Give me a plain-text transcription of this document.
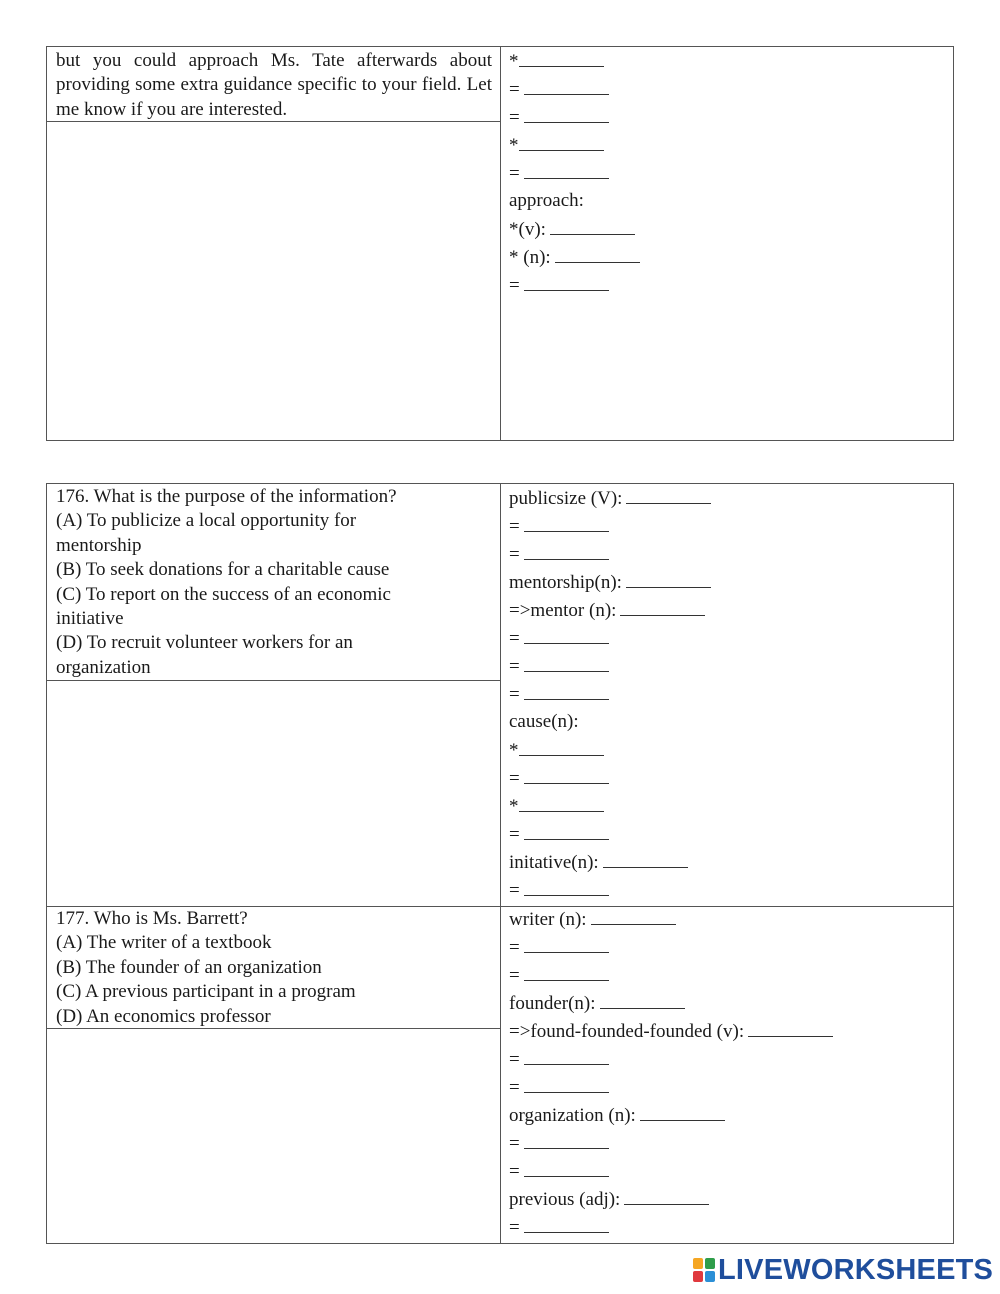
but you could approach Ms. Tate afterwards about providing some extra guidance specific to your field. Let me know if you are interested.
*
=
=
*
=
approach:
*(v):
* (n):
=
176. What is the purpose of the information?
(A) To publicize a local opportunity for
mentorship
(B) To seek donations for a charitable cause
(C) To report on the success of an economic
initiative
(D) To recruit volunteer workers for an
organization
publicsize (V):
=
=
mentorship(n):
=>mentor (n):
=
=
=
cause(n):
*
=
*
=
initative(n):
=
177. Who is Ms. Barrett?
(A) The writer of a textbook
(B) The founder of an organization
(C) A previous participant in a program
(D) An economics professor
writer (n):
=
=
founder(n):
=>found-founded-founded (v):
=
=
organization (n):
=
=
previous (adj):
=
LIVEWORKSHEETS
